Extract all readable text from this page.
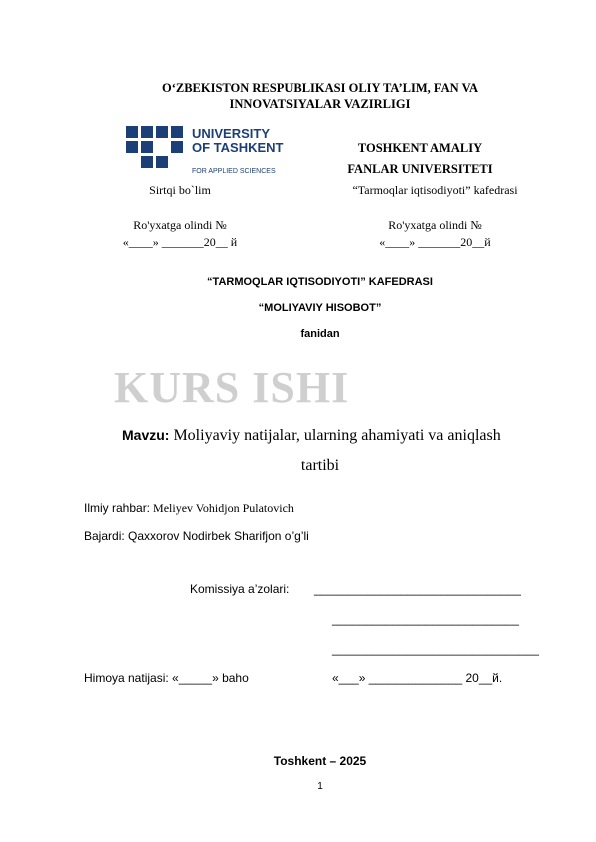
O‘ZBEKISTON RESPUBLIKASI OLIY TA’LIM, FAN VA
INNOVATSIYALAR VAZIRLIGI
UNIVERSITY
OF TASHKENT
FOR APPLIED SCIENCES
TOSHKENT AMALIY
FANLAR UNIVERSITETI
Sirtqi bo`lim	“Tarmoqlar iqtisodiyoti” kafedrasi
Ro'yxatga olindi №	Ro'yxatga olindi №
«____» _______20__ й	«____» _______20__й
“TARMOQLAR IQTISODIYOTI” KAFEDRASI
“MOLIYAVIY HISOBOT”
fanidan
KURS ISHI
Mavzu: Moliyaviy natijalar, ularning ahamiyati va aniqlash
tartibi
Ilmiy rahbar: Meliyev Vohidjon Pulatovich
Bajardi: Qaxxorov Nodirbek Sharifjon o’g’li
Komissiya a’zolari: _______________________________
____________________________
_______________________________
Himoya natijasi: «_____» baho	«___» ______________ 20__й.
Toshkent – 2025
1
